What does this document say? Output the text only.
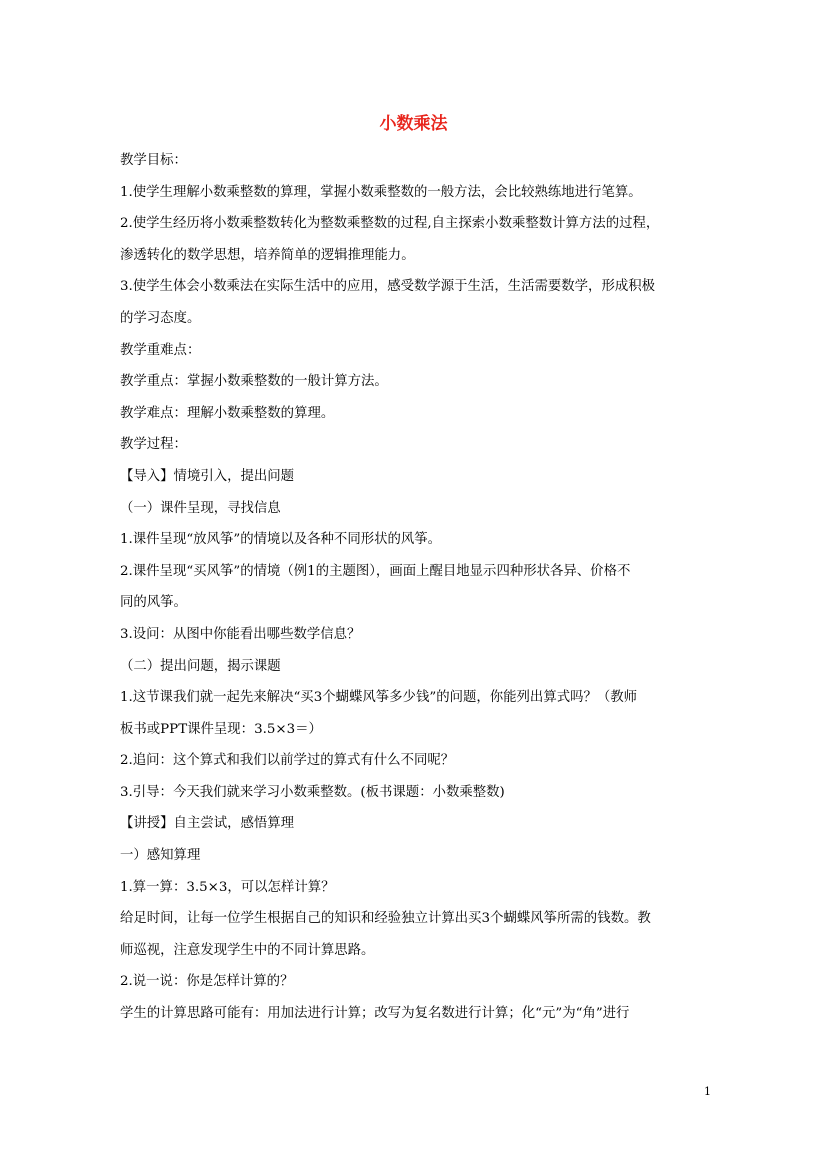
小数乘法
教学目标：
1.使学生理解小数乘整数的算理，掌握小数乘整数的一般方法，会比较熟练地进行笔算。
2.使学生经历将小数乘整数转化为整数乘整数的过程,自主探索小数乘整数计算方法的过程，
渗透转化的数学思想，培养简单的逻辑推理能力。
3.使学生体会小数乘法在实际生活中的应用，感受数学源于生活，生活需要数学，形成积极
的学习态度。
教学重难点：
教学重点：掌握小数乘整数的一般计算方法。
教学难点：理解小数乘整数的算理。
教学过程：
【导入】情境引入，提出问题
（一）课件呈现，寻找信息
1.课件呈现“放风筝”的情境以及各种不同形状的风筝。
2.课件呈现“买风筝”的情境（例1的主题图），画面上醒目地显示四种形状各异、价格不
同的风筝。
3.设问：从图中你能看出哪些数学信息？
（二）提出问题，揭示课题
1.这节课我们就一起先来解决“买3个蝴蝶风筝多少钱”的问题，你能列出算式吗？（教师
板书或PPT课件呈现：3.5×3＝）
2.追问：这个算式和我们以前学过的算式有什么不同呢？
3.引导：今天我们就来学习小数乘整数。(板书课题：小数乘整数)
【讲授】自主尝试，感悟算理
一）感知算理
1.算一算：3.5×3，可以怎样计算？
给足时间，让每一位学生根据自己的知识和经验独立计算出买3个蝴蝶风筝所需的钱数。教
师巡视，注意发现学生中的不同计算思路。
2.说一说：你是怎样计算的？
学生的计算思路可能有：用加法进行计算；改写为复名数进行计算；化“元”为“角”进行
1
